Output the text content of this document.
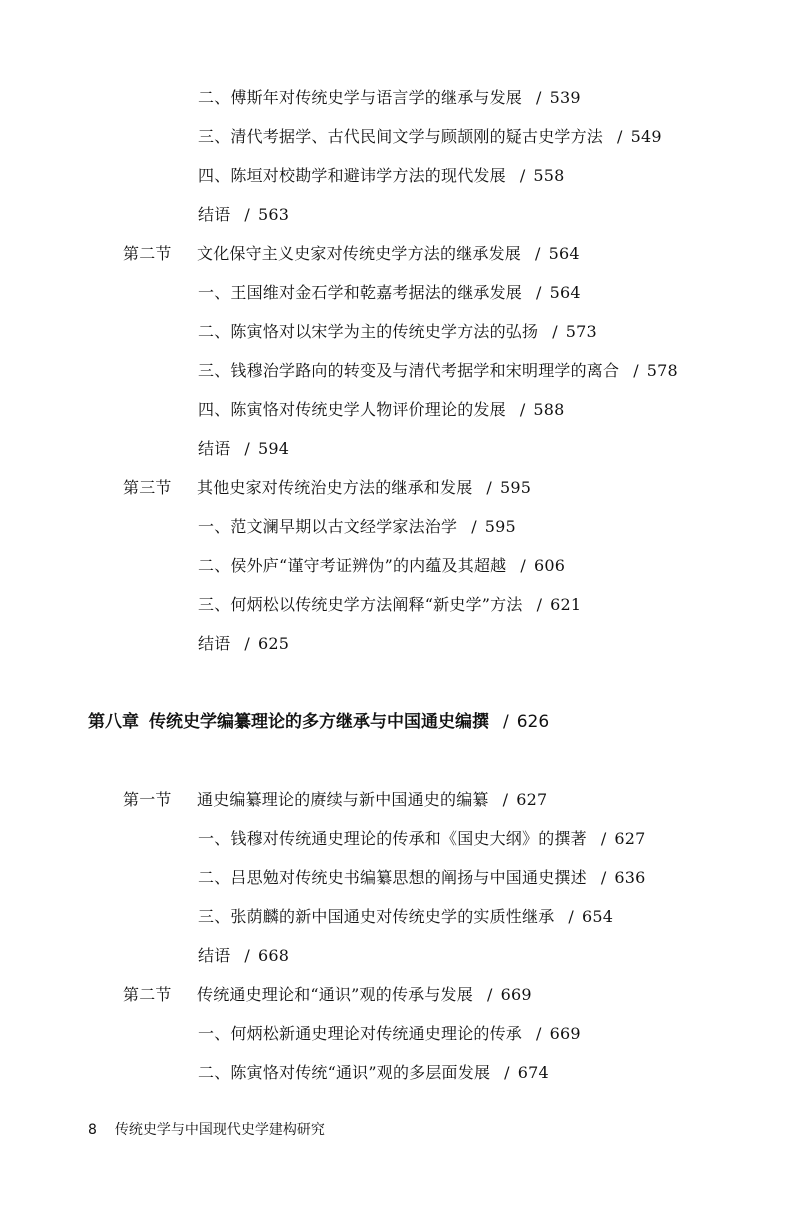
二、傅斯年对传统史学与语言学的继承与发展 / 539
三、清代考据学、古代民间文学与顾颉刚的疑古史学方法 / 549
四、陈垣对校勘学和避讳学方法的现代发展 / 558
结语 / 563
第二节 文化保守主义史家对传统史学方法的继承发展 / 564
一、王国维对金石学和乾嘉考据法的继承发展 / 564
二、陈寅恪对以宋学为主的传统史学方法的弘扬 / 573
三、钱穆治学路向的转变及与清代考据学和宋明理学的离合 / 578
四、陈寅恪对传统史学人物评价理论的发展 / 588
结语 / 594
第三节 其他史家对传统治史方法的继承和发展 / 595
一、范文澜早期以古文经学家法治学 / 595
二、侯外庐“谨守考证辨伪”的内蕴及其超越 / 606
三、何炳松以传统史学方法阐释“新史学”方法 / 621
结语 / 625
第一节 通史编纂理论的赓续与新中国通史的编纂 / 627
一、钱穆对传统通史理论的传承和《国史大纲》的撰著 / 627
二、吕思勉对传统史书编纂思想的阐扬与中国通史撰述 / 636
三、张荫麟的新中国通史对传统史学的实质性继承 / 654
结语 / 668
第二节 传统通史理论和“通识”观的传承与发展 / 669
一、何炳松新通史理论对传统通史理论的传承 / 669
二、陈寅恪对传统“通识”观的多层面发展 / 674
第八章 传统史学编纂理论的多方继承与中国通史编撰 / 626
8 传统史学与中国现代史学建构研究
